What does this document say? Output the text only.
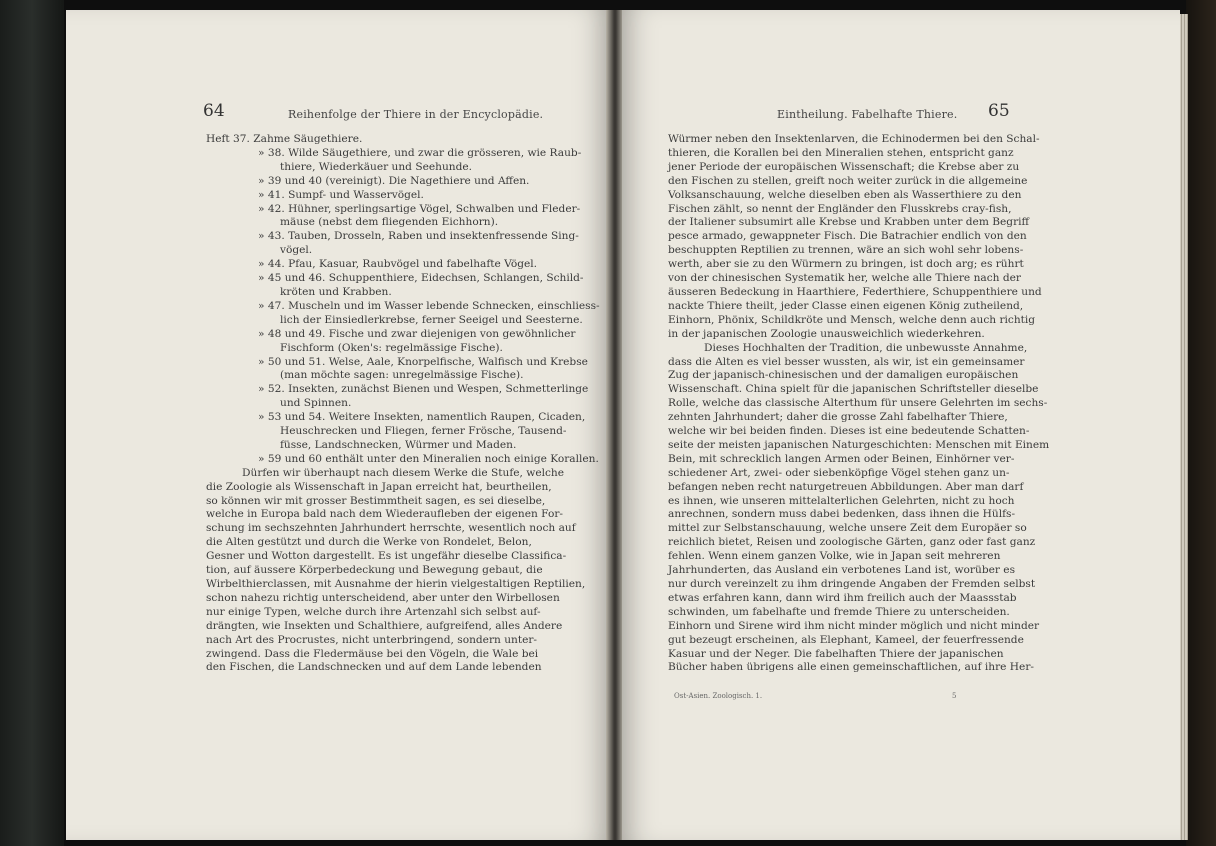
64	Reihenfolge der Thiere in der Encyclopädie.
Heft 37. Zahme Säugethiere.
» 38. Wilde Säugethiere, und zwar die grösseren, wie Raub-
thiere, Wiederkäuer und Seehunde.
» 39 und 40 (vereinigt). Die Nagethiere und Affen.
» 41. Sumpf- und Wasservögel.
» 42. Hühner, sperlingsartige Vögel, Schwalben und Fleder-
mäuse (nebst dem fliegenden Eichhorn).
» 43. Tauben, Drosseln, Raben und insektenfressende Sing-
vögel.
» 44. Pfau, Kasuar, Raubvögel und fabelhafte Vögel.
» 45 und 46. Schuppenthiere, Eidechsen, Schlangen, Schild-
kröten und Krabben.
» 47. Muscheln und im Wasser lebende Schnecken, einschliess-
lich der Einsiedlerkrebse, ferner Seeigel und Seesterne.
» 48 und 49. Fische und zwar diejenigen von gewöhnlicher
Fischform (Oken's: regelmässige Fische).
» 50 und 51. Welse, Aale, Knorpelfische, Walfisch und Krebse
(man möchte sagen: unregelmässige Fische).
» 52. Insekten, zunächst Bienen und Wespen, Schmetterlinge
und Spinnen.
» 53 und 54. Weitere Insekten, namentlich Raupen, Cicaden,
Heuschrecken und Fliegen, ferner Frösche, Tausend-
füsse, Landschnecken, Würmer und Maden.
» 59 und 60 enthält unter den Mineralien noch einige Korallen.
Dürfen wir überhaupt nach diesem Werke die Stufe, welche
die Zoologie als Wissenschaft in Japan erreicht hat, beurtheilen,
so können wir mit grosser Bestimmtheit sagen, es sei dieselbe,
welche in Europa bald nach dem Wiederaufleben der eigenen For-
schung im sechszehnten Jahrhundert herrschte, wesentlich noch auf
die Alten gestützt und durch die Werke von Rondelet, Belon,
Gesner und Wotton dargestellt. Es ist ungefähr dieselbe Classifica-
tion, auf äussere Körperbedeckung und Bewegung gebaut, die
Wirbelthierclassen, mit Ausnahme der hierin vielgestaltigen Reptilien,
schon nahezu richtig unterscheidend, aber unter den Wirbellosen
nur einige Typen, welche durch ihre Artenzahl sich selbst auf-
drängten, wie Insekten und Schalthiere, aufgreifend, alles Andere
nach Art des Procrustes, nicht unterbringend, sondern unter-
zwingend. Dass die Fledermäuse bei den Vögeln, die Wale bei
den Fischen, die Landschnecken und auf dem Lande lebenden
Eintheilung. Fabelhafte Thiere. 65
Würmer neben den Insektenlarven, die Echinodermen bei den Schal-
thieren, die Korallen bei den Mineralien stehen, entspricht ganz
jener Periode der europäischen Wissenschaft; die Krebse aber zu
den Fischen zu stellen, greift noch weiter zurück in die allgemeine
Volksanschauung, welche dieselben eben als Wasserthiere zu den
Fischen zählt, so nennt der Engländer den Flusskrebs cray-fish,
der Italiener subsumirt alle Krebse und Krabben unter dem Begriff
pesce armado, gewappneter Fisch. Die Batrachier endlich von den
beschuppten Reptilien zu trennen, wäre an sich wohl sehr lobens-
werth, aber sie zu den Würmern zu bringen, ist doch arg; es rührt
von der chinesischen Systematik her, welche alle Thiere nach der
äusseren Bedeckung in Haarthiere, Federthiere, Schuppenthiere und
nackte Thiere theilt, jeder Classe einen eigenen König zutheilend,
Einhorn, Phönix, Schildkröte und Mensch, welche denn auch richtig
in der japanischen Zoologie unausweichlich wiederkehren.
Dieses Hochhalten der Tradition, die unbewusste Annahme,
dass die Alten es viel besser wussten, als wir, ist ein gemeinsamer
Zug der japanisch-chinesischen und der damaligen europäischen
Wissenschaft. China spielt für die japanischen Schriftsteller dieselbe
Rolle, welche das classische Alterthum für unsere Gelehrten im sechs-
zehnten Jahrhundert; daher die grosse Zahl fabelhafter Thiere,
welche wir bei beiden finden. Dieses ist eine bedeutende Schatten-
seite der meisten japanischen Naturgeschichten: Menschen mit Einem
Bein, mit schrecklich langen Armen oder Beinen, Einhörner ver-
schiedener Art, zwei- oder siebenköpfige Vögel stehen ganz un-
befangen neben recht naturgetreuen Abbildungen. Aber man darf
es ihnen, wie unseren mittelalterlichen Gelehrten, nicht zu hoch
anrechnen, sondern muss dabei bedenken, dass ihnen die Hülfs-
mittel zur Selbstanschauung, welche unsere Zeit dem Europäer so
reichlich bietet, Reisen und zoologische Gärten, ganz oder fast ganz
fehlen. Wenn einem ganzen Volke, wie in Japan seit mehreren
Jahrhunderten, das Ausland ein verbotenes Land ist, worüber es
nur durch vereinzelt zu ihm dringende Angaben der Fremden selbst
etwas erfahren kann, dann wird ihm freilich auch der Maassstab
schwinden, um fabelhafte und fremde Thiere zu unterscheiden.
Einhorn und Sirene wird ihm nicht minder möglich und nicht minder
gut bezeugt erscheinen, als Elephant, Kameel, der feuerfressende
Kasuar und der Neger. Die fabelhaften Thiere der japanischen
Bücher haben übrigens alle einen gemeinschaftlichen, auf ihre Her-
Ost-Asien. Zoologisch. 1.	5
